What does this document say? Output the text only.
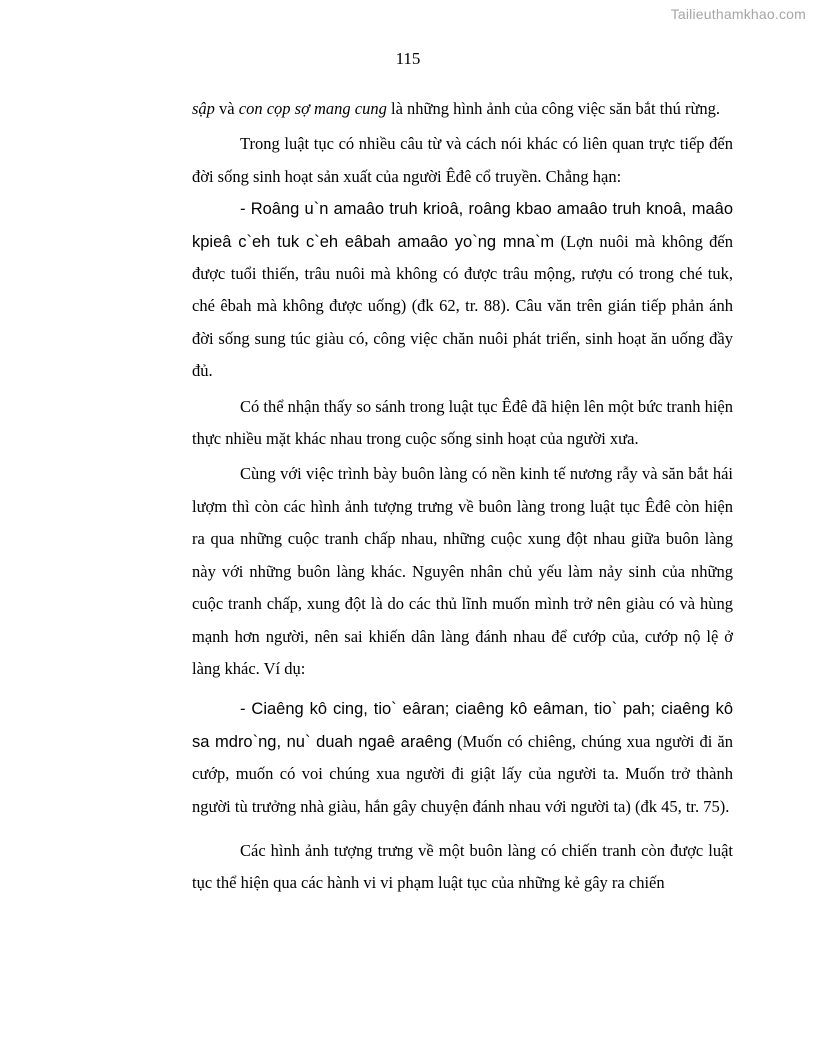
Tailieuthamkhao.com
115

sập và con cọp sợ mang cung là những hình ảnh của công việc săn bắt thú rừng.

Trong luật tục có nhiều câu từ và cách nói khác có liên quan trực tiếp đến đời sống sinh hoạt sản xuất của người Êđê cổ truyền. Chẳng hạn:

- Roâng u`n amaâo truh krioâ, roâng kbao amaâo truh knoâ, maâo kpieâ c`eh tuk c`eh eâbah amaâo yo`ng mna`m (Lợn nuôi mà không đến được tuổi thiến, trâu nuôi mà không có được trâu mộng, rượu có trong ché tuk, ché êbah mà không được uống) (đk 62, tr. 88). Câu văn trên gián tiếp phản ánh đời sống sung túc giàu có, công việc chăn nuôi phát triển, sinh hoạt ăn uống đầy đủ.

Có thể nhận thấy so sánh trong luật tục Êđê đã hiện lên một bức tranh hiện thực nhiều mặt khác nhau trong cuộc sống sinh hoạt của người xưa.

Cùng với việc trình bày buôn làng có nền kinh tế nương rẫy và săn bắt hái lượm thì còn các hình ảnh tượng trưng về buôn làng trong luật tục Êđê còn hiện ra qua những cuộc tranh chấp nhau, những cuộc xung đột nhau giữa buôn làng này với những buôn làng khác. Nguyên nhân chủ yếu làm nảy sinh của những cuộc tranh chấp, xung đột là do các thủ lĩnh muốn mình trở nên giàu có và hùng mạnh hơn người, nên sai khiến dân làng đánh nhau để cướp của, cướp nộ lệ ở làng khác. Ví dụ:

- Ciaêng kô cing, tio` eâran; ciaêng kô eâman, tio` pah; ciaêng kô sa mdro`ng, nu` duah ngaê araêng (Muốn có chiêng, chúng xua người đi ăn cướp, muốn có voi chúng xua người đi giật lấy của người ta. Muốn trở thành người tù trưởng nhà giàu, hắn gây chuyện đánh nhau với người ta) (đk 45, tr. 75).

Các hình ảnh tượng trưng về một buôn làng có chiến tranh còn được luật tục thể hiện qua các hành vi vi phạm luật tục của những kẻ gây ra chiến
